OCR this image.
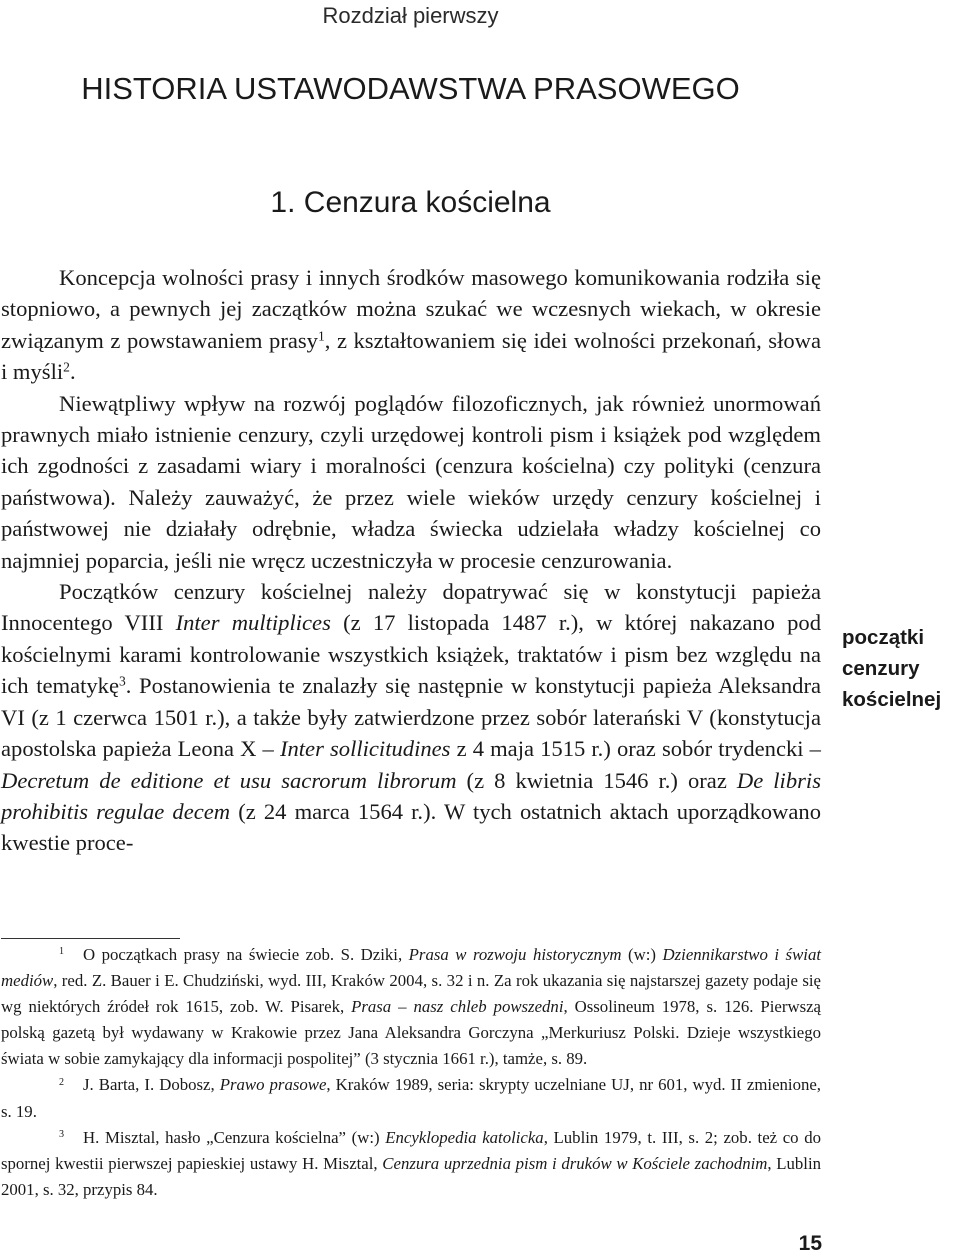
Rozdział pierwszy
HISTORIA USTAWODAWSTWA PRASOWEGO
1. Cenzura kościelna

Koncepcja wolności prasy i innych środków masowego komunikowania rodziła się stopniowo, a pewnych jej zaczątków można szukać we wczesnych wiekach, w okresie związanym z powstawaniem prasy$^1$, z kształtowaniem się idei wolności przekonań, słowa i myśli$^2$.

Niewątpliwy wpływ na rozwój poglądów filozoficznych, jak również unormowań prawnych miało istnienie cenzury, czyli urzędowej kontroli pism i książek pod względem ich zgodności z zasadami wiary i moralności (cenzura kościelna) czy polityki (cenzura państwowa). Należy zauważyć, że przez wiele wieków urzędy cenzury kościelnej i państwowej nie działały odrębnie, władza świecka udzielała władzy kościelnej co najmniej poparcia, jeśli nie wręcz uczestniczyła w procesie cenzurowania.

Początków cenzury kościelnej należy dopatrywać się w konstytucji papieża Innocentego VIII Inter multiplices (z 17 listopada 1487 r.), w której nakazano pod kościelnymi karami kontrolowanie wszystkich książek, traktatów i pism bez względu na ich tematykę$^3$. Postanowienia te znalazły się następnie w konstytucji papieża Aleksandra VI (z 1 czerwca 1501 r.), a także były zatwierdzone przez sobór laterański V (konstytucja apostolska papieża Leona X – Inter sollicitudines z 4 maja 1515 r.) oraz sobór trydencki – Decretum de editione et usu sacrorum librorum (z 8 kwietnia 1546 r.) oraz De libris prohibitis regulae decem (z 24 marca 1564 r.). W tych ostatnich aktach uporządkowano kwestie proce-

początki
cenzury
kościelnej

$^1$ O początkach prasy na świecie zob. S. Dziki, Prasa w rozwoju historycznym (w:) Dziennikarstwo i świat mediów, red. Z. Bauer i E. Chudziński, wyd. III, Kraków 2004, s. 32 i n. Za rok ukazania się najstarszej gazety podaje się wg niektórych źródeł rok 1615, zob. W. Pisarek, Prasa – nasz chleb powszedni, Ossolineum 1978, s. 126. Pierwszą polską gazetą był wydawany w Krakowie przez Jana Aleksandra Gorczyna „Merkuriusz Polski. Dzieje wszystkiego świata w sobie zamykający dla informacji pospolitej” (3 stycznia 1661 r.), tamże, s. 89.

$^2$ J. Barta, I. Dobosz, Prawo prasowe, Kraków 1989, seria: skrypty uczelniane UJ, nr 601, wyd. II zmienione, s. 19.

$^3$ H. Misztal, hasło „Cenzura kościelna” (w:) Encyklopedia katolicka, Lublin 1979, t. III, s. 2; zob. też co do spornej kwestii pierwszej papieskiej ustawy H. Misztal, Cenzura uprzednia pism i druków w Kościele zachodnim, Lublin 2001, s. 32, przypis 84.

15
